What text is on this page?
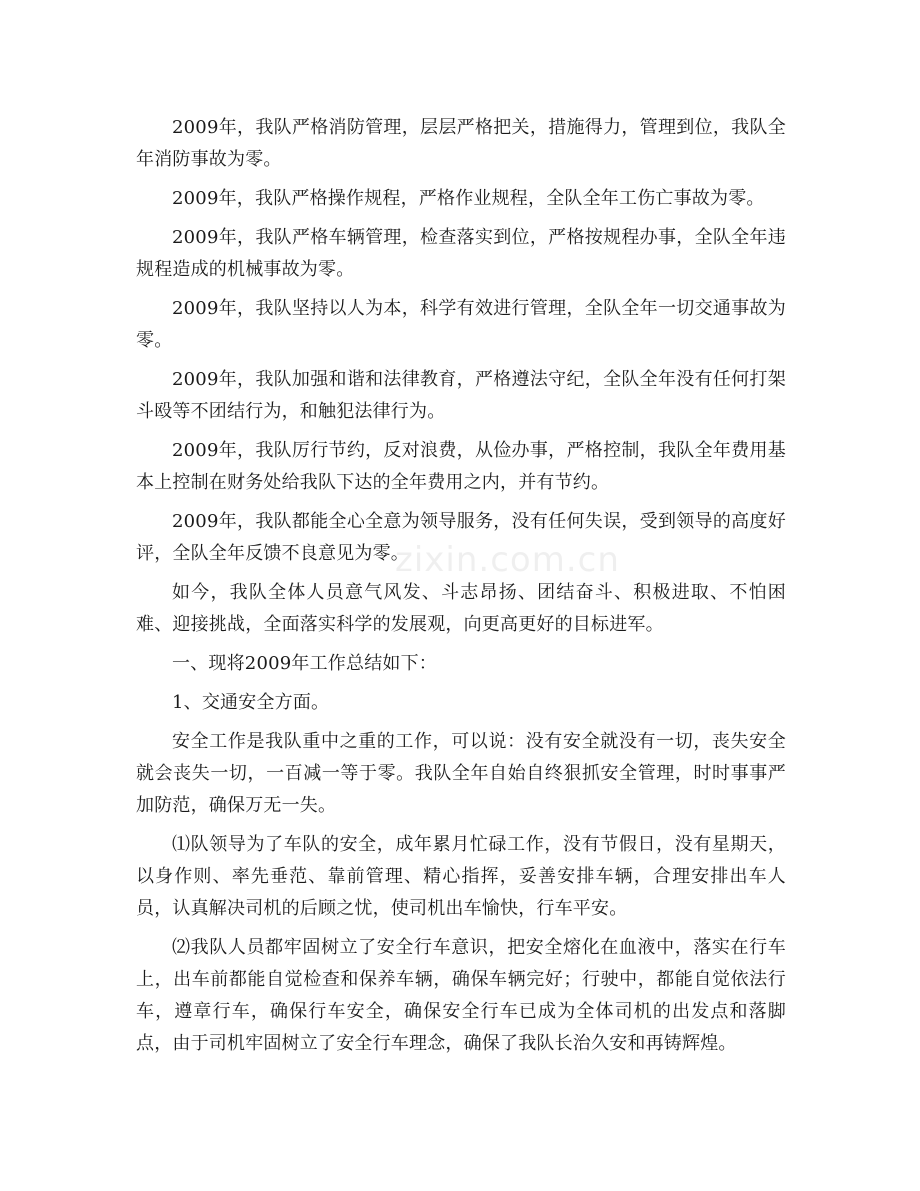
2009年，我队严格消防管理，层层严格把关，措施得力，管理到位，我队全年消防事故为零。

2009年，我队严格操作规程，严格作业规程，全队全年工伤亡事故为零。

2009年，我队严格车辆管理，检查落实到位，严格按规程办事，全队全年违规程造成的机械事故为零。

2009年，我队坚持以人为本，科学有效进行管理，全队全年一切交通事故为零。

2009年，我队加强和谐和法律教育，严格遵法守纪，全队全年没有任何打架斗殴等不团结行为，和触犯法律行为。

2009年，我队厉行节约，反对浪费，从俭办事，严格控制，我队全年费用基本上控制在财务处给我队下达的全年费用之内，并有节约。

2009年，我队都能全心全意为领导服务，没有任何失误，受到领导的高度好评，全队全年反馈不良意见为零。

如今，我队全体人员意气风发、斗志昂扬、团结奋斗、积极进取、不怕困难、迎接挑战，全面落实科学的发展观，向更高更好的目标进军。

一、现将2009年工作总结如下：

1、交通安全方面。

安全工作是我队重中之重的工作，可以说：没有安全就没有一切，丧失安全就会丧失一切，一百减一等于零。我队全年自始自终狠抓安全管理，时时事事严加防范，确保万无一失。

⑴队领导为了车队的安全，成年累月忙碌工作，没有节假日，没有星期天，以身作则、率先垂范、靠前管理、精心指挥，妥善安排车辆，合理安排出车人员，认真解决司机的后顾之忧，使司机出车愉快，行车平安。

⑵我队人员都牢固树立了安全行车意识，把安全熔化在血液中，落实在行车上，出车前都能自觉检查和保养车辆，确保车辆完好；行驶中，都能自觉依法行车，遵章行车，确保行车安全，确保安全行车已成为全体司机的出发点和落脚点，由于司机牢固树立了安全行车理念，确保了我队长治久安和再铸辉煌。

zixin.com.cn
